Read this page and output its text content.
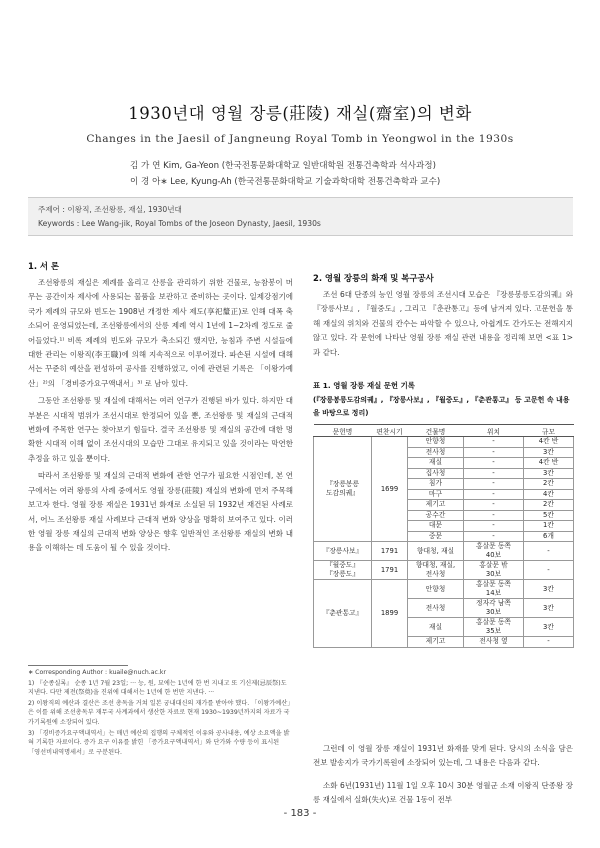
1930년대 영월 장릉(莊陵) 재실(齋室)의 변화
Changes in the Jaesil of Jangneung Royal Tomb in Yeongwol in the 1930s
김 가 연 Kim, Ga-Yeon (한국전통문화대학교 일반대학원 전통건축학과 석사과정)
이 경 아∗ Lee, Kyung-Ah (한국전통문화대학교 기술과학대학 전통건축학과 교수)
주제어 : 이왕직, 조선왕릉, 재실, 1930년대
Keywords : Lee Wang-jik, Royal Tombs of the Joseon Dynasty, Jaesil, 1930s
1. 서 론

조선왕릉의 재실은 제례를 올리고 산릉을 관리하기 위한 건물로, 능참봉이 머무는 공간이자 제사에 사용되는 물품을 보관하고 준비하는 곳이다. 일제강점기에 국가 제례의 규모와 빈도는 1908년 개정한 제사 제도(享祀釐正)로 인해 대폭 축소되어 운영되었는데, 조선왕릉에서의 산릉 제례 역시 1년에 1~2차례 정도로 줄어들었다.¹⁾ 비록 제례의 빈도와 규모가 축소되긴 했지만, 능침과 주변 시설들에 대한 관리는 이왕직(李王職)에 의해 지속적으로 이루어졌다. 파손된 시설에 대해서는 꾸준히 예산을 편성하여 공사를 진행하였고, 이에 관련된 기록은 「이왕가예산」²⁾의 「경비증가요구액내서」³⁾ 로 남아 있다.

그동안 조선왕릉 및 재실에 대해서는 여러 연구가 진행된 바가 있다. 하지만 대부분은 시대적 범위가 조선시대로 한정되어 있을 뿐, 조선왕릉 및 재실의 근대적 변화에 주목한 연구는 찾아보기 힘들다. 결국 조선왕릉 및 재실의 공간에 대한 명확한 시대적 이해 없이 조선시대의 모습만 그대로 유지되고 있을 것이라는 막연한 추정을 하고 있을 뿐이다.

따라서 조선왕릉 및 재실의 근대적 변화에 관한 연구가 필요한 시점인데, 본 연구에서는 여러 왕릉의 사례 중에서도 영월 장릉(莊陵) 재실의 변화에 먼저 주목해 보고자 한다. 영월 장릉 재실은 1931년 화재로 소실된 뒤 1932년 재건된 사례로서, 어느 조선왕릉 재실 사례보다 근대적 변화 양상을 명확히 보여주고 있다. 이러한 영월 장릉 재실의 근대적 변화 양상은 향후 일반적인 조선왕릉 재실의 변화 내용을 이해하는 데 도움이 될 수 있을 것이다.

∗ Corresponding Author : kuaile@nuch.ac.kr

1) 『순종실록』 순종 1년 7월 23일; ··· 능, 원, 묘에는 1년에 한 번 지내고 또 기신제(忌辰祭)도 지낸다. 다만 제전(祭奠)을 진위에 대해서는 1년에 한 번만 지낸다. ···

2) 이왕직의 예산과 결산은 조선 총독을 거쳐 일본 궁내대신의 재가를 받아야 했다. 「이왕가예산」은 이를 위해 조선총독부 재무국 사계과에서 생산한 자료로 현재 1930~1939년까지의 자료가 국가기록원에 소장되어 있다.

3) 「경비증가요구액내역서」는 매년 예산의 집행의 구체적인 이유와 공사내용, 예상 소요액을 밝혀 기록한 자료이다. 증가 요구 이유를 밝힌 「증가요구액내역서」와 단가와 수량 등이 표시된 「영선비내역명세서」로 구분된다.

2. 영월 장릉의 화재 및 복구공사

조선 6대 단종의 능인 영월 장릉의 조선시대 모습은 『장릉봉릉도감의궤』와 『장릉사보』, 『월중도』, 그리고 『춘관통고』등에 남겨져 있다. 고문헌을 통해 재실의 위치와 건물의 칸수는 파악할 수 있으나, 아쉽게도 간가도는 전해지지 않고 있다. 각 문헌에 나타난 영월 장릉 재실 관련 내용을 정리해 보면 <표 1>과 같다.

표 1. 영월 장릉 재실 문헌 기록
(『장릉봉릉도감의궤』, 『장릉사보』, 『월중도』, 『춘관통고』 등 고문헌 속 내용을 바탕으로 정리)
문헌명	편찬시기	건물명	위치	규모
『장릉봉릉
도감의궤』	1699	안향청	-	4칸 반
		전사청	-	3칸
		재실	-	4칸 반
		집사청	-	3칸
		침가	-	2칸
		마구	-	4칸
		제기고	-	2칸
		공수간	-	5칸
		대문	-	1칸
		중문	-	6개
『장릉사보』	1791	향대청, 재실	홍살문 동쪽
40보	-
『월중도』
『장릉도』	1791	향대청, 재실,
전사청	홍살문 밖
30보	-
『춘관통고』	1899	안향청	홍살문 동쪽
14보	3칸
		전사청	정자각 남쪽
30보	3칸
		재실	홍살문 동쪽
35보	3칸
		제기고	전사청 옆	-

그런데 이 영월 장릉 재실이 1931년 화재를 맞게 된다. 당시의 소식을 담은 전보 발송지가 국가기록원에 소장되어 있는데, 그 내용은 다음과 같다.

소화 6년(1931년) 11월 1일 오후 10시 30분 영월군 소재 이왕직 단종왕 장릉 재실에서 실화(失火)로 건물 1동이 전부

- 183 -
